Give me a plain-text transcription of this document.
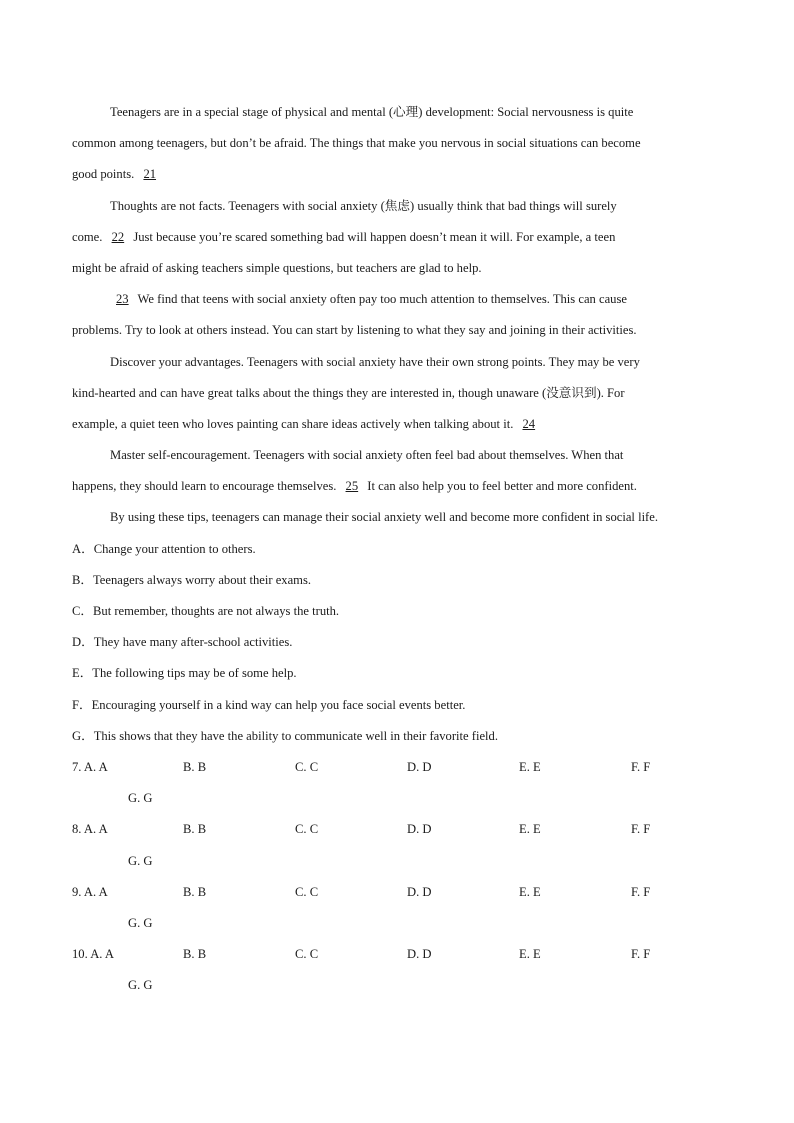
Teenagers are in a special stage of physical and mental (心理) development: Social nervousness is quite
common among teenagers, but don’t be afraid. The things that make you nervous in social situations can become
good points. 21
Thoughts are not facts. Teenagers with social anxiety (焦虑) usually think that bad things will surely
come. 22 Just because you’re scared something bad will happen doesn’t mean it will. For example, a teen
might be afraid of asking teachers simple questions, but teachers are glad to help.
23 We find that teens with social anxiety often pay too much attention to themselves. This can cause
problems. Try to look at others instead. You can start by listening to what they say and joining in their activities.
Discover your advantages. Teenagers with social anxiety have their own strong points. They may be very
kind-hearted and can have great talks about the things they are interested in, though unaware (没意识到). For
example, a quiet teen who loves painting can share ideas actively when talking about it. 24
Master self-encouragement. Teenagers with social anxiety often feel bad about themselves. When that
happens, they should learn to encourage themselves. 25 It can also help you to feel better and more confident.
By using these tips, teenagers can manage their social anxiety well and become more confident in social life.
A．Change your attention to others.
B．Teenagers always worry about their exams.
C．But remember, thoughts are not always the truth.
D．They have many after-school activities.
E．The following tips may be of some help.
F．Encouraging yourself in a kind way can help you face social events better.
G．This shows that they have the ability to communicate well in their favorite field.
7. A. A	B. B	C. C	D. D	E. E	F. F
G. G
8. A. A	B. B	C. C	D. D	E. E	F. F
G. G
9. A. A	B. B	C. C	D. D	E. E	F. F
G. G
10. A. A	B. B	C. C	D. D	E. E	F. F
G. G
